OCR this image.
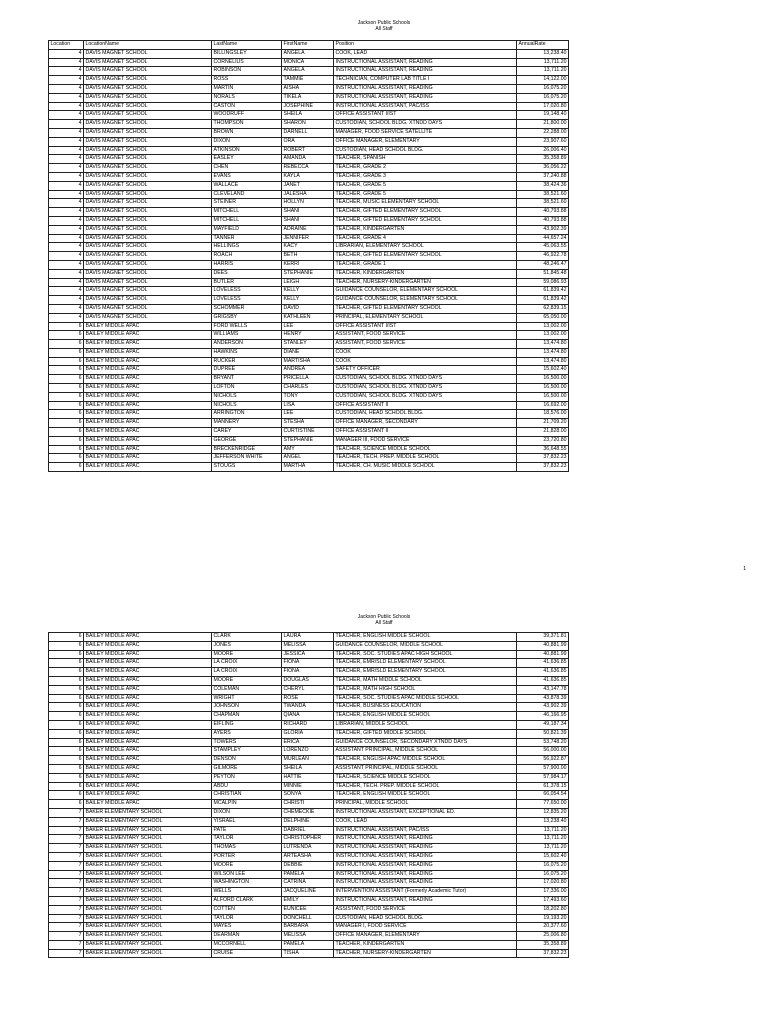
Jackson Public Schools
All Staff
Location	LocationName	LastName	FirstName	Position	AnnualRate
4	DAVIS MAGNET SCHOOL	BILLINGSLEY	ANGELA	COOK, LEAD	13,238.40
4	DAVIS MAGNET SCHOOL	CORNELIUS	MONICA	INSTRUCTIONAL ASSISTANT, READING	13,711.20
4	DAVIS MAGNET SCHOOL	ROBINSON	ANGELA	INSTRUCTIONAL ASSISTANT, READING	13,711.20
4	DAVIS MAGNET SCHOOL	ROSS	TAMMIE	TECHNICIAN, COMPUTER LAB TITLE I	14,122.00
4	DAVIS MAGNET SCHOOL	MARTIN	AISHA	INSTRUCTIONAL ASSISTANT, READING	16,075.20
4	DAVIS MAGNET SCHOOL	NORALS	TIKELA	INSTRUCTIONAL ASSISTANT, READING	16,075.20
4	DAVIS MAGNET SCHOOL	CASTON	JOSEPHINE	INSTRUCTIONAL ASSISTANT, PAC/ISS	17,020.80
4	DAVIS MAGNET SCHOOL	WOODRUFF	SHEILA	OFFICE ASSISTANT I/IST	19,148.40
4	DAVIS MAGNET SCHOOL	THOMPSON	SHARON	CUSTODIAN, SCHOOL BLDG. XTNDD DAYS	21,800.00
4	DAVIS MAGNET SCHOOL	BROWN	DARNELL	MANAGER, FOOD SERVICE SATELLITE	22,288.00
4	DAVIS MAGNET SCHOOL	DIXON	ORA	OFFICE MANAGER, ELEMENTARY	23,907.60
4	DAVIS MAGNET SCHOOL	ATKINSON	ROBERT	CUSTODIAN, HEAD SCHOOL BLDG.	26,006.40
4	DAVIS MAGNET SCHOOL	EASLEY	AMANDA	TEACHER, SPANISH	35,358.89
4	DAVIS MAGNET SCHOOL	CHEN	REBECCA	TEACHER, GRADE 2	36,056.22
4	DAVIS MAGNET SCHOOL	EVANS	KAYLA	TEACHER, GRADE 3	37,240.88
4	DAVIS MAGNET SCHOOL	WALLACE	JANET	TEACHER, GRADE 5	38,424.36
4	DAVIS MAGNET SCHOOL	CLEVELAND	JALESHA	TEACHER, GRADE 5	38,521.60
4	DAVIS MAGNET SCHOOL	STEINER	HOLLYN	TEACHER, MUSIC ELEMENTARY SCHOOL	38,521.60
4	DAVIS MAGNET SCHOOL	MITCHELL	SHANI	TEACHER, GIFTED ELEMENTARY SCHOOL	40,793.88
4	DAVIS MAGNET SCHOOL	MITCHELL	SHANI	TEACHER, GIFTED ELEMENTARY SCHOOL	40,793.88
4	DAVIS MAGNET SCHOOL	MAYFIELD	ADRAINE	TEACHER, KINDERGARTEN	43,902.39
4	DAVIS MAGNET SCHOOL	TANNER	JENNIFER	TEACHER, GRADE 4	44,657.24
4	DAVIS MAGNET SCHOOL	HELLINGS	KACY	LIBRARIAN, ELEMENTARY SCHOOL	45,063.55
4	DAVIS MAGNET SCHOOL	ROACH	BETH	TEACHER, GIFTED ELEMENTARY SCHOOL	46,922.78
4	DAVIS MAGNET SCHOOL	HARRIS	KERRI	TEACHER, GRADE 1	48,246.47
4	DAVIS MAGNET SCHOOL	DEES	STEPHANIE	TEACHER, KINDERGARTEN	51,845.48
4	DAVIS MAGNET SCHOOL	BUTLER	LEIGH	TEACHER, NURSERY-KINDERGARTEN	59,086.93
4	DAVIS MAGNET SCHOOL	LOVELESS	KELLY	GUIDANCE COUNSELOR, ELEMENTARY SCHOOL	61,839.42
4	DAVIS MAGNET SCHOOL	LOVELESS	KELLY	GUIDANCE COUNSELOR, ELEMENTARY SCHOOL	61,839.42
4	DAVIS MAGNET SCHOOL	SCHOMMER	DAVID	TEACHER, GIFTED ELEMENTARY SCHOOL	62,839.15
4	DAVIS MAGNET SCHOOL	GRIGSBY	KATHLEEN	PRINCIPAL, ELEMENTARY SCHOOL	65,050.00
6	BAILEY MIDDLE APAC	FORD WELLS	LEE	OFFICE ASSISTANT I/IST	13,002.00
6	BAILEY MIDDLE APAC	WILLIAMS	HENRY	ASSISTANT, FOOD SERVICE	13,002.00
6	BAILEY MIDDLE APAC	ANDERSON	STANLEY	ASSISTANT, FOOD SERVICE	13,474.80
6	BAILEY MIDDLE APAC	HAWKINS	DIANE	COOK	13,474.80
6	BAILEY MIDDLE APAC	RUCKER	MARTISHA	COOK	13,474.80
6	BAILEY MIDDLE APAC	DUPREE	ANDREA	SAFETY OFFICER	15,602.40
6	BAILEY MIDDLE APAC	BRYANT	PRICELLA	CUSTODIAN, SCHOOL BLDG. XTNDD DAYS	16,500.00
6	BAILEY MIDDLE APAC	LOFTON	CHARLES	CUSTODIAN, SCHOOL BLDG. XTNDD DAYS	16,500.00
6	BAILEY MIDDLE APAC	NICHOLS	TONY	CUSTODIAN, SCHOOL BLDG. XTNDD DAYS	16,500.00
6	BAILEY MIDDLE APAC	NICHOLS	LISA	OFFICE ASSISTANT II	16,692.00
6	BAILEY MIDDLE APAC	ARRINGTON	LEE	CUSTODIAN, HEAD SCHOOL BLDG.	18,576.00
6	BAILEY MIDDLE APAC	MANNERY	STESHA	OFFICE MANAGER, SECONDARY	21,709.20
6	BAILEY MIDDLE APAC	CAREY	CURTISTINE	OFFICE ASSISTANT II	21,828.00
6	BAILEY MIDDLE APAC	GEORGE	STEPHANIE	MANAGER III, FOOD SERVICE	23,720.80
6	BAILEY MIDDLE APAC	BRECKENRIDGE	AMY	TEACHER, SCIENCE MIDDLE SCHOOL	36,648.55
6	BAILEY MIDDLE APAC	JEFFERSON WHITE	ANGEL	TEACHER, TECH. PREP. MIDDLE SCHOOL	37,832.23
6	BAILEY MIDDLE APAC	STOUGS	MARTHA	TEACHER, CH. MUSIC MIDDLE SCHOOL	37,832.23
1
Jackson Public Schools
All Staff
6	BAILEY MIDDLE APAC	CLARK	LAURA	TEACHER, ENGLISH MIDDLE SCHOOL	39,371.81
6	BAILEY MIDDLE APAC	JONES	MELISSA	GUIDANCE COUNSELOR, MIDDLE SCHOOL	40,881.99
6	BAILEY MIDDLE APAC	MOORE	JESSICA	TEACHER, SOC. STUDIES APAC HIGH SCHOOL	40,881.99
6	BAILEY MIDDLE APAC	LA CROIX	FIONA	TEACHER, EMR/SLD ELEMENTARY SCHOOL	41,636.85
6	BAILEY MIDDLE APAC	LA CROIX	FIONA	TEACHER, EMR/SLD ELEMENTARY SCHOOL	41,636.85
6	BAILEY MIDDLE APAC	MOORE	DOUGLAS	TEACHER, MATH MIDDLE SCHOOL	41,636.85
6	BAILEY MIDDLE APAC	COLEMAN	CHERYL	TEACHER, MATH HIGH SCHOOL	43,147.78
6	BAILEY MIDDLE APAC	WRIGHT	ROSE	TEACHER, SOC. STUDIES APAC MIDDLE SCHOOL	43,878.39
6	BAILEY MIDDLE APAC	JOHNSON	TWANDA	TEACHER, BUSINESS EDUCATION	43,902.39
6	BAILEY MIDDLE APAC	CHAPMAN	QIANA	TEACHER, ENGLISH MIDDLE SCHOOL	46,166.95
6	BAILEY MIDDLE APAC	EIFLING	RICHARD	LIBRARIAN, MIDDLE SCHOOL	49,187.34
6	BAILEY MIDDLE APAC	AYERS	GLORIA	TEACHER, GIFTED MIDDLE SCHOOL	50,821.39
6	BAILEY MIDDLE APAC	TOWERS	ERICA	GUIDANCE COUNSELOR, SECONDARY XTNDD DAYS	53,748.20
6	BAILEY MIDDLE APAC	STAMPLEY	LORENZO	ASSISTANT PRINCIPAL, MIDDLE SCHOOL	56,000.00
6	BAILEY MIDDLE APAC	DENSON	MURLEAN	TEACHER, ENGLISH APAC MIDDLE SCHOOL	56,922.87
6	BAILEY MIDDLE APAC	GILMORE	SHEILA	ASSISTANT PRINCIPAL, MIDDLE SCHOOL	57,900.00
6	BAILEY MIDDLE APAC	PEYTON	HATTIE	TEACHER, SCIENCE MIDDLE SCHOOL	57,984.17
6	BAILEY MIDDLE APAC	ABDU	MINNIE	TEACHER, TECH. PREP. MIDDLE SCHOOL	61,378.15
6	BAILEY MIDDLE APAC	CHRISTIAN	SONYA	TEACHER, ENGLISH MIDDLE SCHOOL	66,054.54
6	BAILEY MIDDLE APAC	MCALPIN	CHRISTI	PRINCIPAL, MIDDLE SCHOOL	77,650.00
7	BAKER ELEMENTARY SCHOOL	DIXON	CHEMECKIE	INSTRUCTIONAL ASSISTANT, EXCEPTIONAL ED.	12,835.20
7	BAKER ELEMENTARY SCHOOL	YISRAEL	DELPHINE	COOK, LEAD	13,238.40
7	BAKER ELEMENTARY SCHOOL	PATE	DABRIEL	INSTRUCTIONAL ASSISTANT, PAC/ISS	13,711.20
7	BAKER ELEMENTARY SCHOOL	TAYLOR	CHRISTOPHER	INSTRUCTIONAL ASSISTANT, READING	13,711.20
7	BAKER ELEMENTARY SCHOOL	THOMAS	LUTRENDA	INSTRUCTIONAL ASSISTANT, READING	13,711.20
7	BAKER ELEMENTARY SCHOOL	PORTER	ARTEASHA	INSTRUCTIONAL ASSISTANT, READING	15,602.40
7	BAKER ELEMENTARY SCHOOL	MOORE	DEBBIE	INSTRUCTIONAL ASSISTANT, READING	16,075.20
7	BAKER ELEMENTARY SCHOOL	WILSON LEE	PAMELA	INSTRUCTIONAL ASSISTANT, READING	16,075.20
7	BAKER ELEMENTARY SCHOOL	WASHINGTON	CATRINA	INSTRUCTIONAL ASSISTANT, READING	17,020.80
7	BAKER ELEMENTARY SCHOOL	WELLS	JACQUELINE	INTERVENTION ASSISTANT (Formerly Academic Tutor)	17,336.00
7	BAKER ELEMENTARY SCHOOL	ALFORD CLARK	EMILY	INSTRUCTIONAL ASSISTANT, READING	17,493.60
7	BAKER ELEMENTARY SCHOOL	COTTEN	EUNICEE	ASSISTANT, FOOD SERVICE	18,202.80
7	BAKER ELEMENTARY SCHOOL	TAYLOR	DONCHELL	CUSTODIAN, HEAD SCHOOL BLDG.	19,193.20
7	BAKER ELEMENTARY SCHOOL	MAYES	BARBARA	MANAGER I, FOOD SERVICE	20,377.60
7	BAKER ELEMENTARY SCHOOL	DEARMAN	MELISSA	OFFICE MANAGER, ELEMENTARY	25,006.80
7	BAKER ELEMENTARY SCHOOL	MCCORNELL	PAMELA	TEACHER, KINDERGARTEN	35,358.89
7	BAKER ELEMENTARY SCHOOL	CRUISE	TISHA	TEACHER, NURSERY-KINDERGARTEN	37,832.23
